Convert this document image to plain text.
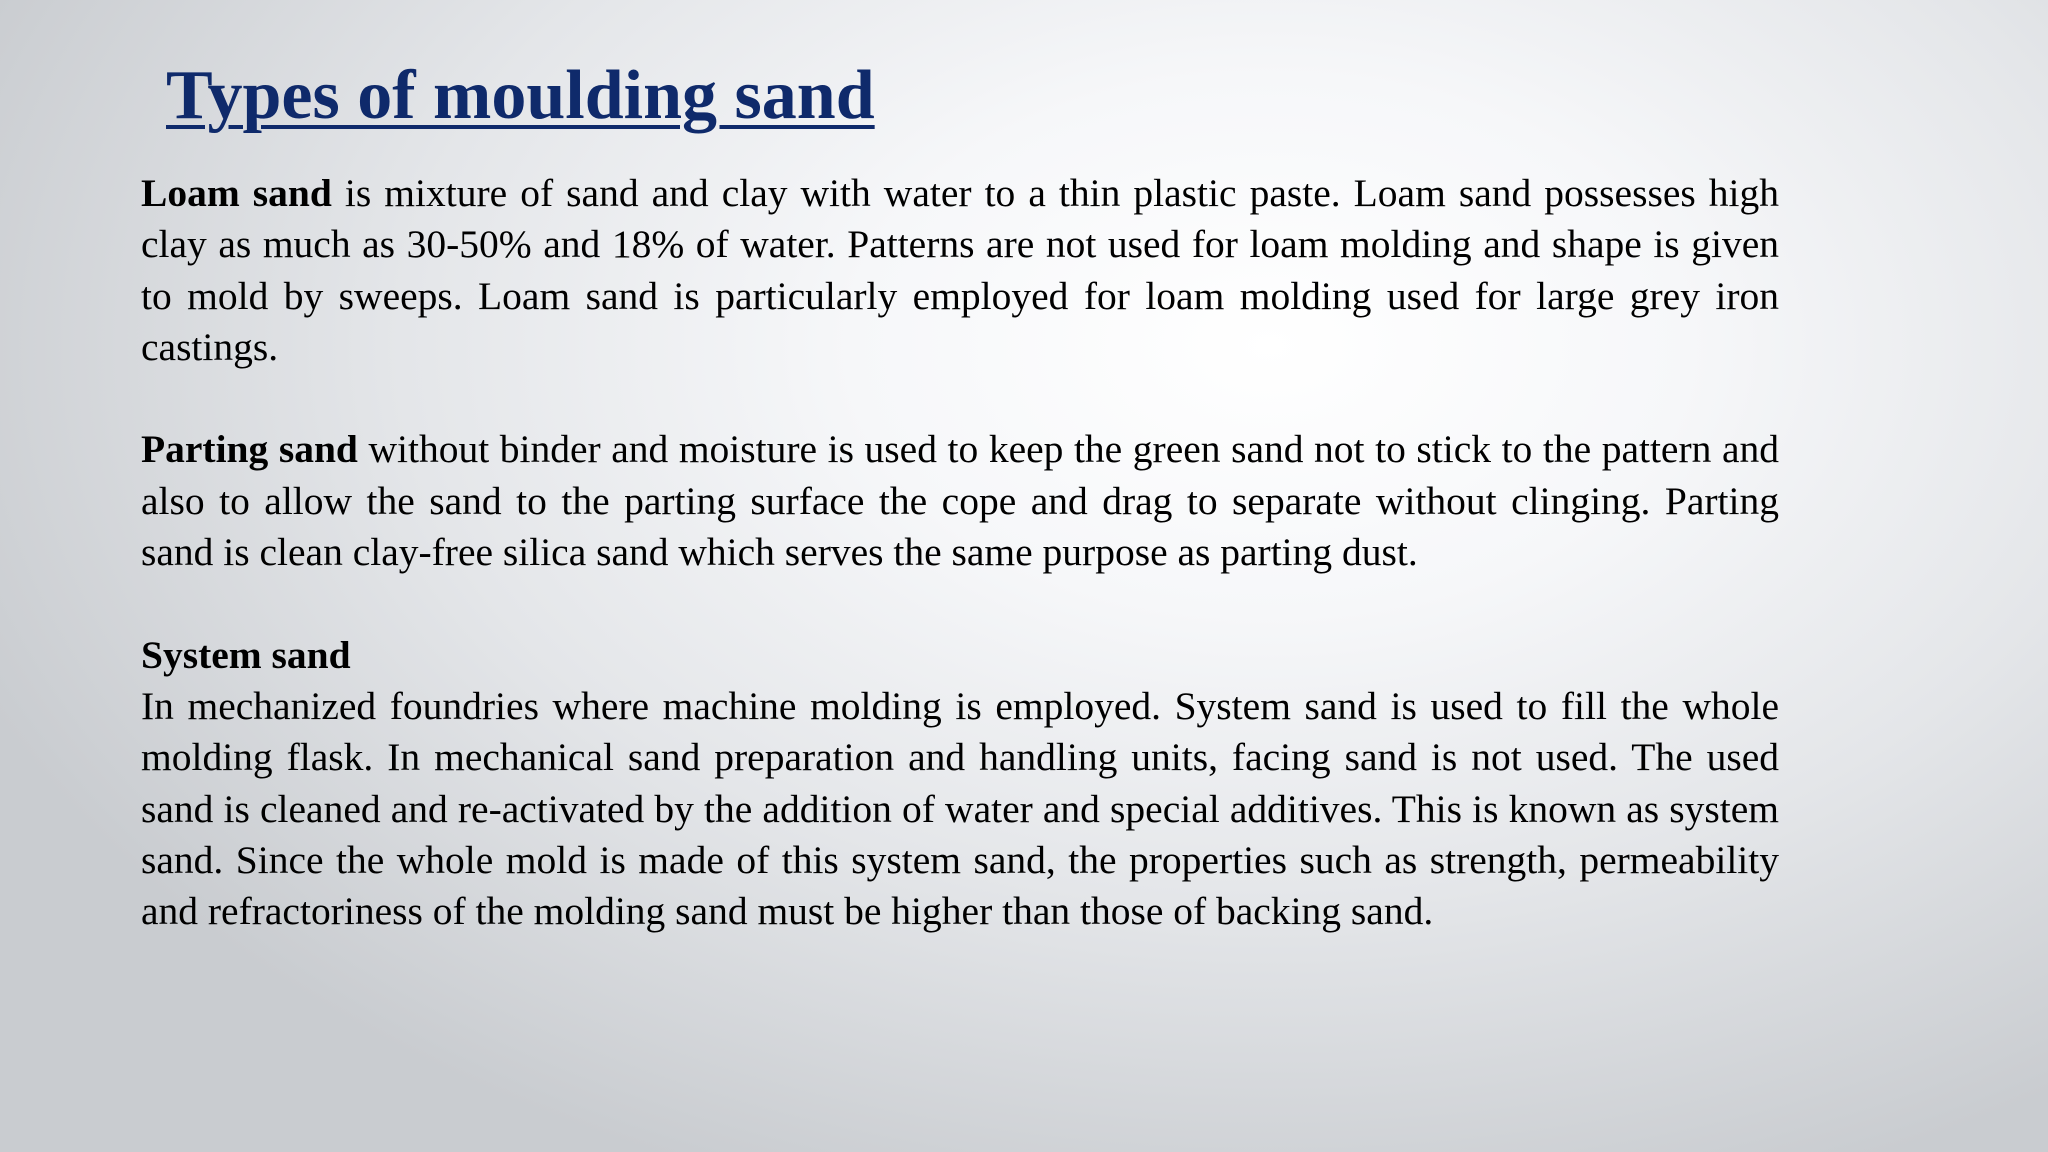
Types of moulding sand

Loam sand is mixture of sand and clay with water to a thin plastic paste. Loam sand possesses high clay as much as 30-50% and 18% of water. Patterns are not used for loam molding and shape is given to mold by sweeps. Loam sand is particularly employed for loam molding used for large grey iron castings.

Parting sand without binder and moisture is used to keep the green sand not to stick to the pattern and also to allow the sand to the parting surface the cope and drag to separate without clinging. Parting sand is clean clay-free silica sand which serves the same purpose as parting dust.

System sand
In mechanized foundries where machine molding is employed. System sand is used to fill the whole molding flask. In mechanical sand preparation and handling units, facing sand is not used. The used sand is cleaned and re-activated by the addition of water and special additives. This is known as system sand. Since the whole mold is made of this system sand, the properties such as strength, permeability and refractoriness of the molding sand must be higher than those of backing sand.
